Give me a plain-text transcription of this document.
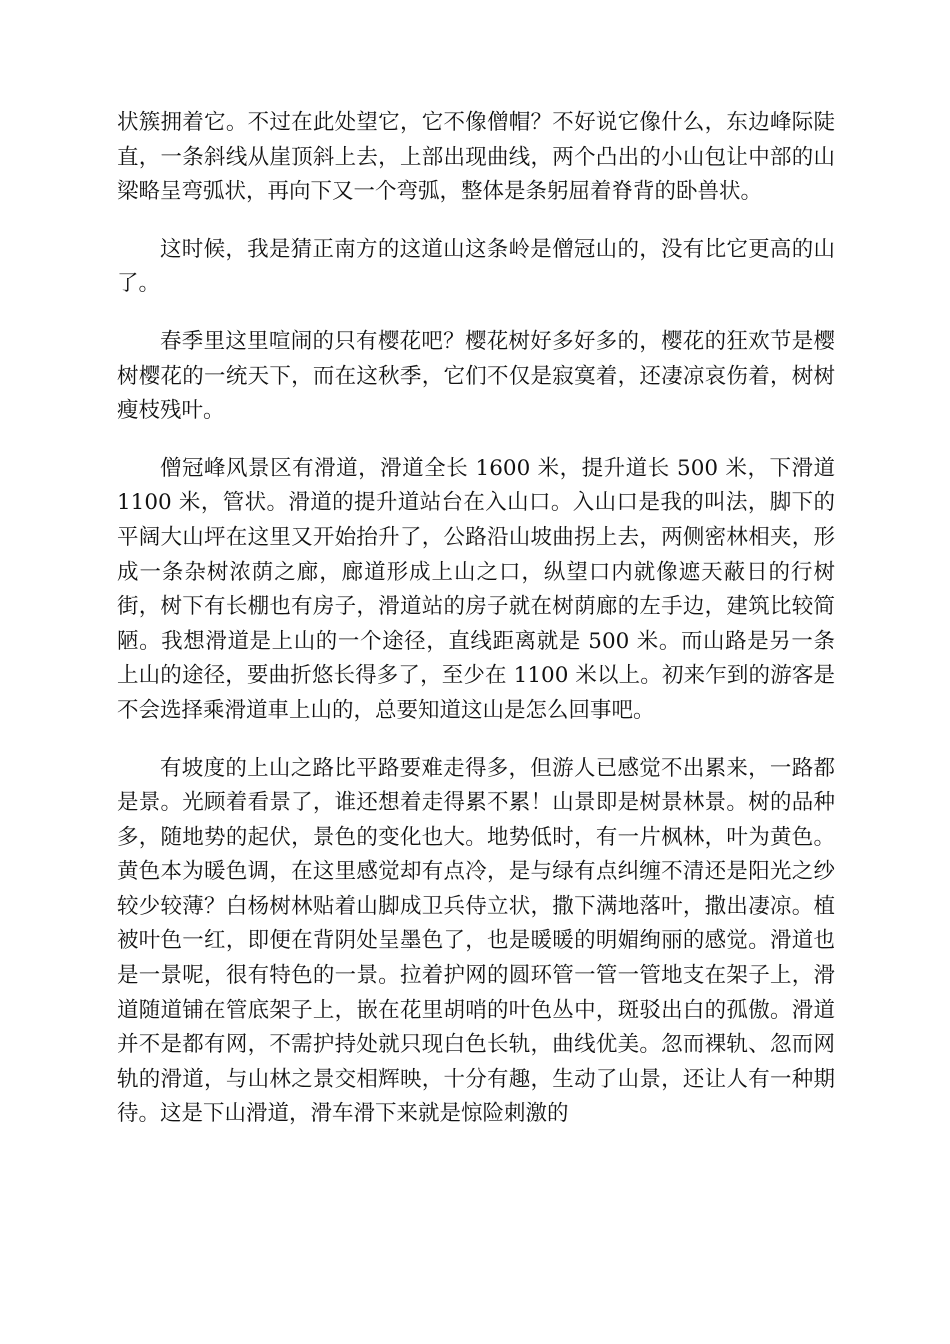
状簇拥着它。不过在此处望它，它不像僧帽？不好说它像什么，东边峰际陡直，一条斜线从崖顶斜上去，上部出现曲线，两个凸出的小山包让中部的山梁略呈弯弧状，再向下又一个弯弧，整体是条躬屈着脊背的卧兽状。

这时候，我是猜正南方的这道山这条岭是僧冠山的，没有比它更高的山了。

春季里这里喧闹的只有樱花吧？樱花树好多好多的，樱花的狂欢节是樱树樱花的一统天下，而在这秋季，它们不仅是寂寞着，还凄凉哀伤着，树树瘦枝残叶。

僧冠峰风景区有滑道，滑道全长 1600 米，提升道长 500 米，下滑道 1100 米，管状。滑道的提升道站台在入山口。入山口是我的叫法，脚下的平阔大山坪在这里又开始抬升了，公路沿山坡曲拐上去，两侧密林相夹，形成一条杂树浓荫之廊，廊道形成上山之口，纵望口内就像遮天蔽日的行树街，树下有长棚也有房子，滑道站的房子就在树荫廊的左手边，建筑比较简陋。我想滑道是上山的一个途径，直线距离就是 500 米。而山路是另一条上山的途径，要曲折悠长得多了，至少在 1100 米以上。初来乍到的游客是不会选择乘滑道車上山的，总要知道这山是怎么回事吧。

有坡度的上山之路比平路要难走得多，但游人已感觉不出累来，一路都是景。光顾着看景了，谁还想着走得累不累！山景即是树景林景。树的品种多，随地势的起伏，景色的变化也大。地势低时，有一片枫林，叶为黄色。黄色本为暖色调，在这里感觉却有点冷，是与绿有点纠缠不清还是阳光之纱较少较薄？白杨树林贴着山脚成卫兵侍立状，撒下满地落叶，撒出凄凉。植被叶色一红，即便在背阴处呈墨色了，也是暖暖的明媚绚丽的感觉。滑道也是一景呢，很有特色的一景。拉着护网的圆环管一管一管地支在架子上，滑道随道铺在管底架子上，嵌在花里胡哨的叶色丛中，斑驳出白的孤傲。滑道并不是都有网，不需护持处就只现白色长轨，曲线优美。忽而裸轨、忽而网轨的滑道，与山林之景交相辉映，十分有趣，生动了山景，还让人有一种期待。这是下山滑道，滑车滑下来就是惊险刺激的
